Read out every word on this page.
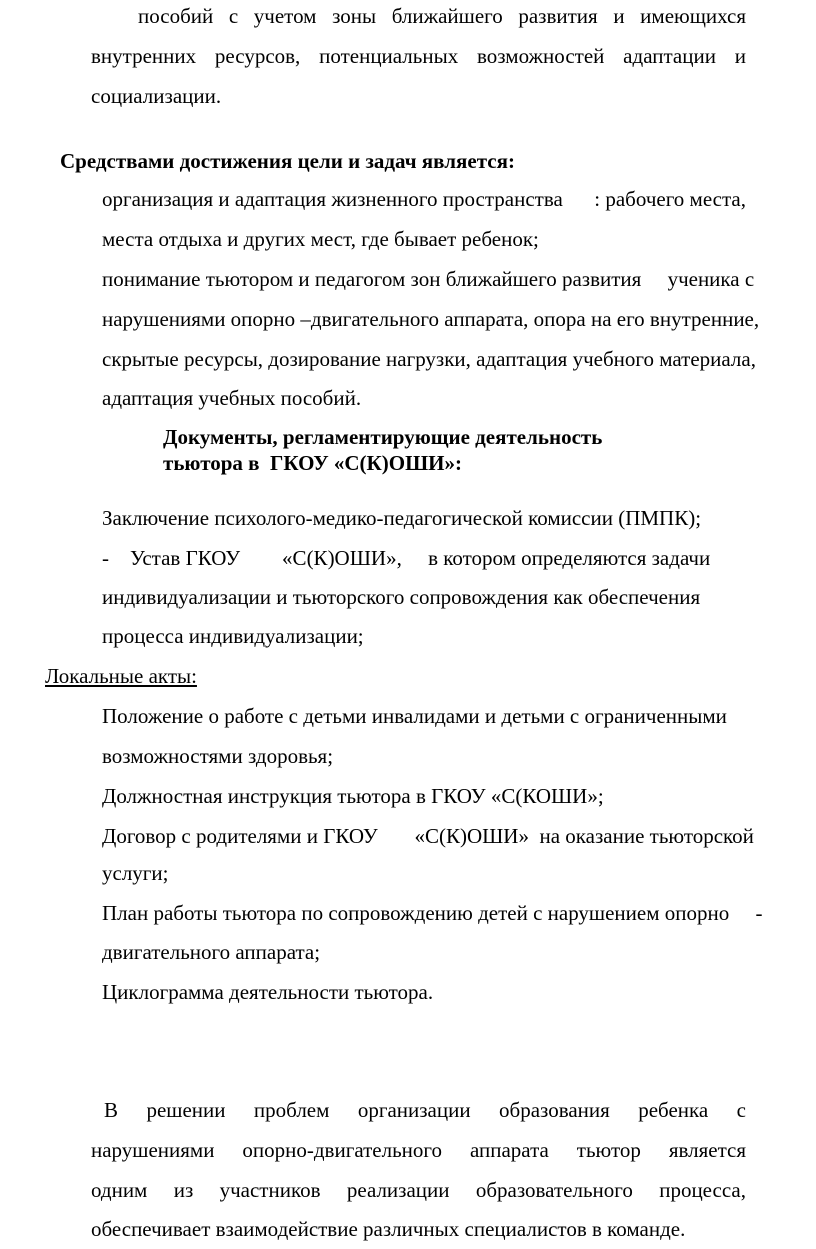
пособий с учетом зоны ближайшего развития и имеющихся
внутренних ресурсов, потенциальных возможностей адаптации и
социализации.
Средствами достижения цели и задач является:
организация и адаптация жизненного пространства      : рабочего места,
места отдыха и других мест, где бывает ребенок;
понимание тьютором и педагогом зон ближайшего развития     ученика с
нарушениями опорно –двигательного аппарата, опора на его внутренние,
скрытые ресурсы, дозирование нагрузки, адаптация учебного материала,
адаптация учебных пособий.
Документы, регламентирующие деятельность
тьютора в  ГКОУ «С(К)ОШИ»:
Заключение психолого-медико-педагогической комиссии (ПМПК);
-    Устав ГКОУ        «С(К)ОШИ»,     в котором определяются задачи
индивидуализации и тьюторского сопровождения как обеспечения
процесса индивидуализации;
Локальные акты:
Положение о работе с детьми инвалидами и детьми с ограниченными
возможностями здоровья;
Должностная инструкция тьютора в ГКОУ «С(КОШИ»;
Договор с родителями и ГКОУ       «С(К)ОШИ»  на оказание тьюторской
услуги;
План работы тьютора по сопровождению детей с нарушением опорно     -
двигательного аппарата;
Циклограмма деятельности тьютора.
В решении проблем организации образования ребенка с
нарушениями опорно-двигательного аппарата тьютор является
одним из участников реализации образовательного процесса,
обеспечивает взаимодействие различных специалистов в команде.
